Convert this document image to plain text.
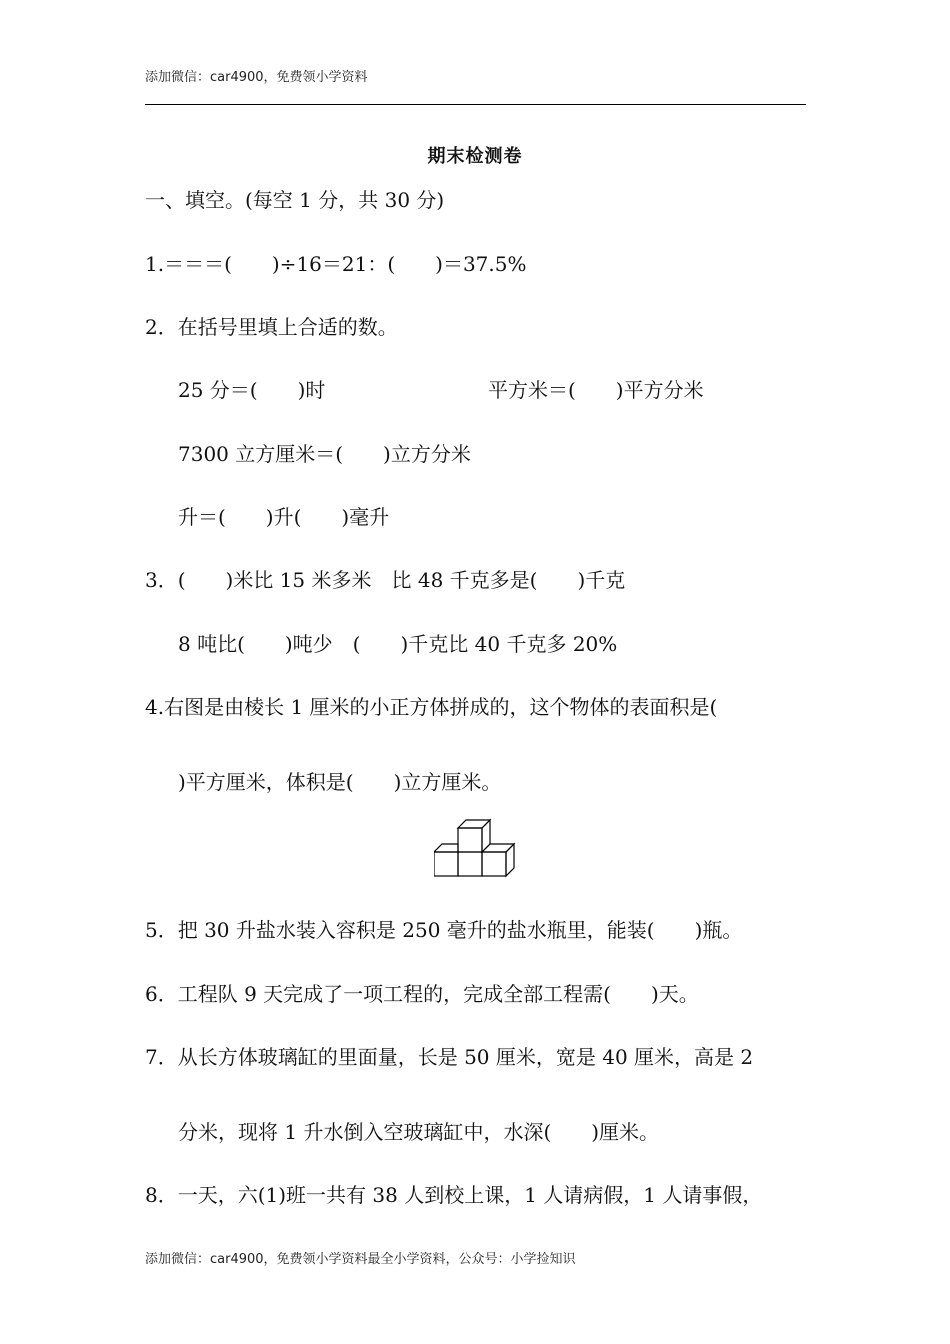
添加微信：car4900，免费领小学资料
期末检测卷
一、填空。(每空 1 分，共 30 分)
1.＝＝＝(　　)÷16＝21：(　　)＝37.5%
2．在括号里填上合适的数。
25 分＝(　　)时	平方米＝(　　)平方分米
7300 立方厘米＝(　　)立方分米
升＝(　　)升(　　)毫升
3．(　　)米比 15 米多米　比 48 千克多是(　　)千克
8 吨比(　　)吨少　(　　)千克比 40 千克多 20%
4.右图是由棱长 1 厘米的小正方体拼成的，这个物体的表面积是(
)平方厘米，体积是(　　)立方厘米。
5．把 30 升盐水装入容积是 250 毫升的盐水瓶里，能装(　　)瓶。
6．工程队 9 天完成了一项工程的，完成全部工程需(　　)天。
7．从长方体玻璃缸的里面量，长是 50 厘米，宽是 40 厘米，高是 2
分米，现将 1 升水倒入空玻璃缸中，水深(　　)厘米。
8．一天，六(1)班一共有 38 人到校上课，1 人请病假，1 人请事假，
添加微信：car4900，免费领小学资料最全小学资料，公众号：小学捡知识
